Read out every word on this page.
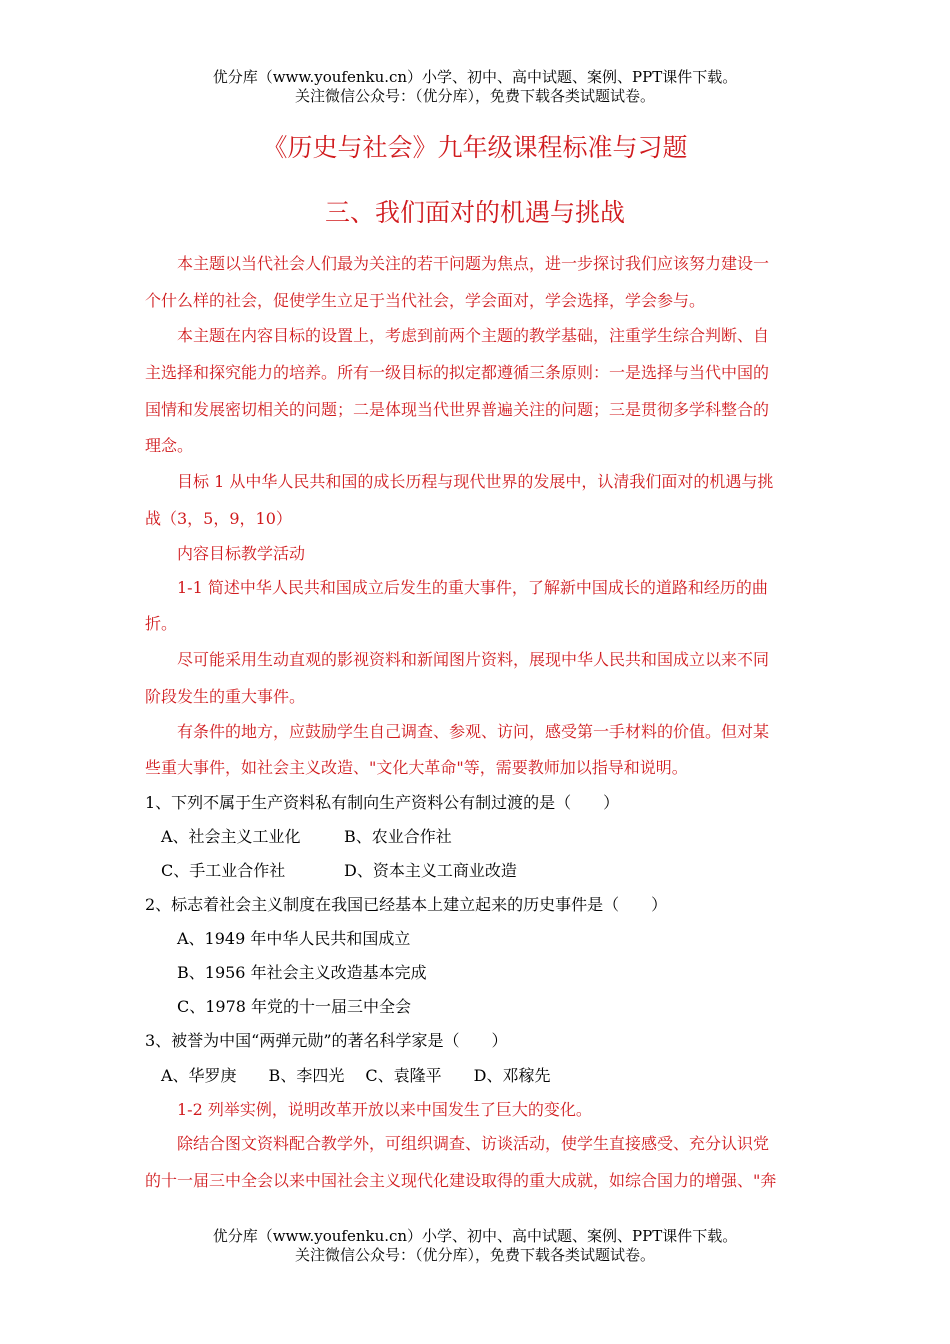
优分库（www.youfenku.cn）小学、初中、高中试题、案例、PPT课件下载。
关注微信公众号：（优分库），免费下载各类试题试卷。
《历史与社会》九年级课程标准与习题
三、我们面对的机遇与挑战
本主题以当代社会人们最为关注的若干问题为焦点，进一步探讨我们应该努力建设一
个什么样的社会，促使学生立足于当代社会，学会面对，学会选择，学会参与。
本主题在内容目标的设置上，考虑到前两个主题的教学基础，注重学生综合判断、自
主选择和探究能力的培养。所有一级目标的拟定都遵循三条原则：一是选择与当代中国的
国情和发展密切相关的问题；二是体现当代世界普遍关注的问题；三是贯彻多学科整合的
理念。
目标 1 从中华人民共和国的成长历程与现代世界的发展中，认清我们面对的机遇与挑
战（3，5，9，10）
内容目标教学活动
1-1 简述中华人民共和国成立后发生的重大事件，了解新中国成长的道路和经历的曲
折。
尽可能采用生动直观的影视资料和新闻图片资料，展现中华人民共和国成立以来不同
阶段发生的重大事件。
有条件的地方，应鼓励学生自己调查、参观、访问，感受第一手材料的价值。但对某
些重大事件，如社会主义改造、"文化大革命"等，需要教师加以指导和说明。
1、下列不属于生产资料私有制向生产资料公有制过渡的是（　　）
A、社会主义工业化	B、农业合作社
C、手工业合作社	D、资本主义工商业改造
2、标志着社会主义制度在我国已经基本上建立起来的历史事件是（　　）
A、1949 年中华人民共和国成立
B、1956 年社会主义改造基本完成
C、1978 年党的十一届三中全会
3、被誉为中国“两弹元勋”的著名科学家是（　　）
A、华罗庚　　B、李四光　 C、袁隆平　　D、邓稼先
1-2 列举实例，说明改革开放以来中国发生了巨大的变化。
除结合图文资料配合教学外，可组织调查、访谈活动，使学生直接感受、充分认识党
的十一届三中全会以来中国社会主义现代化建设取得的重大成就，如综合国力的增强、"奔
优分库（www.youfenku.cn）小学、初中、高中试题、案例、PPT课件下载。
关注微信公众号：（优分库），免费下载各类试题试卷。
